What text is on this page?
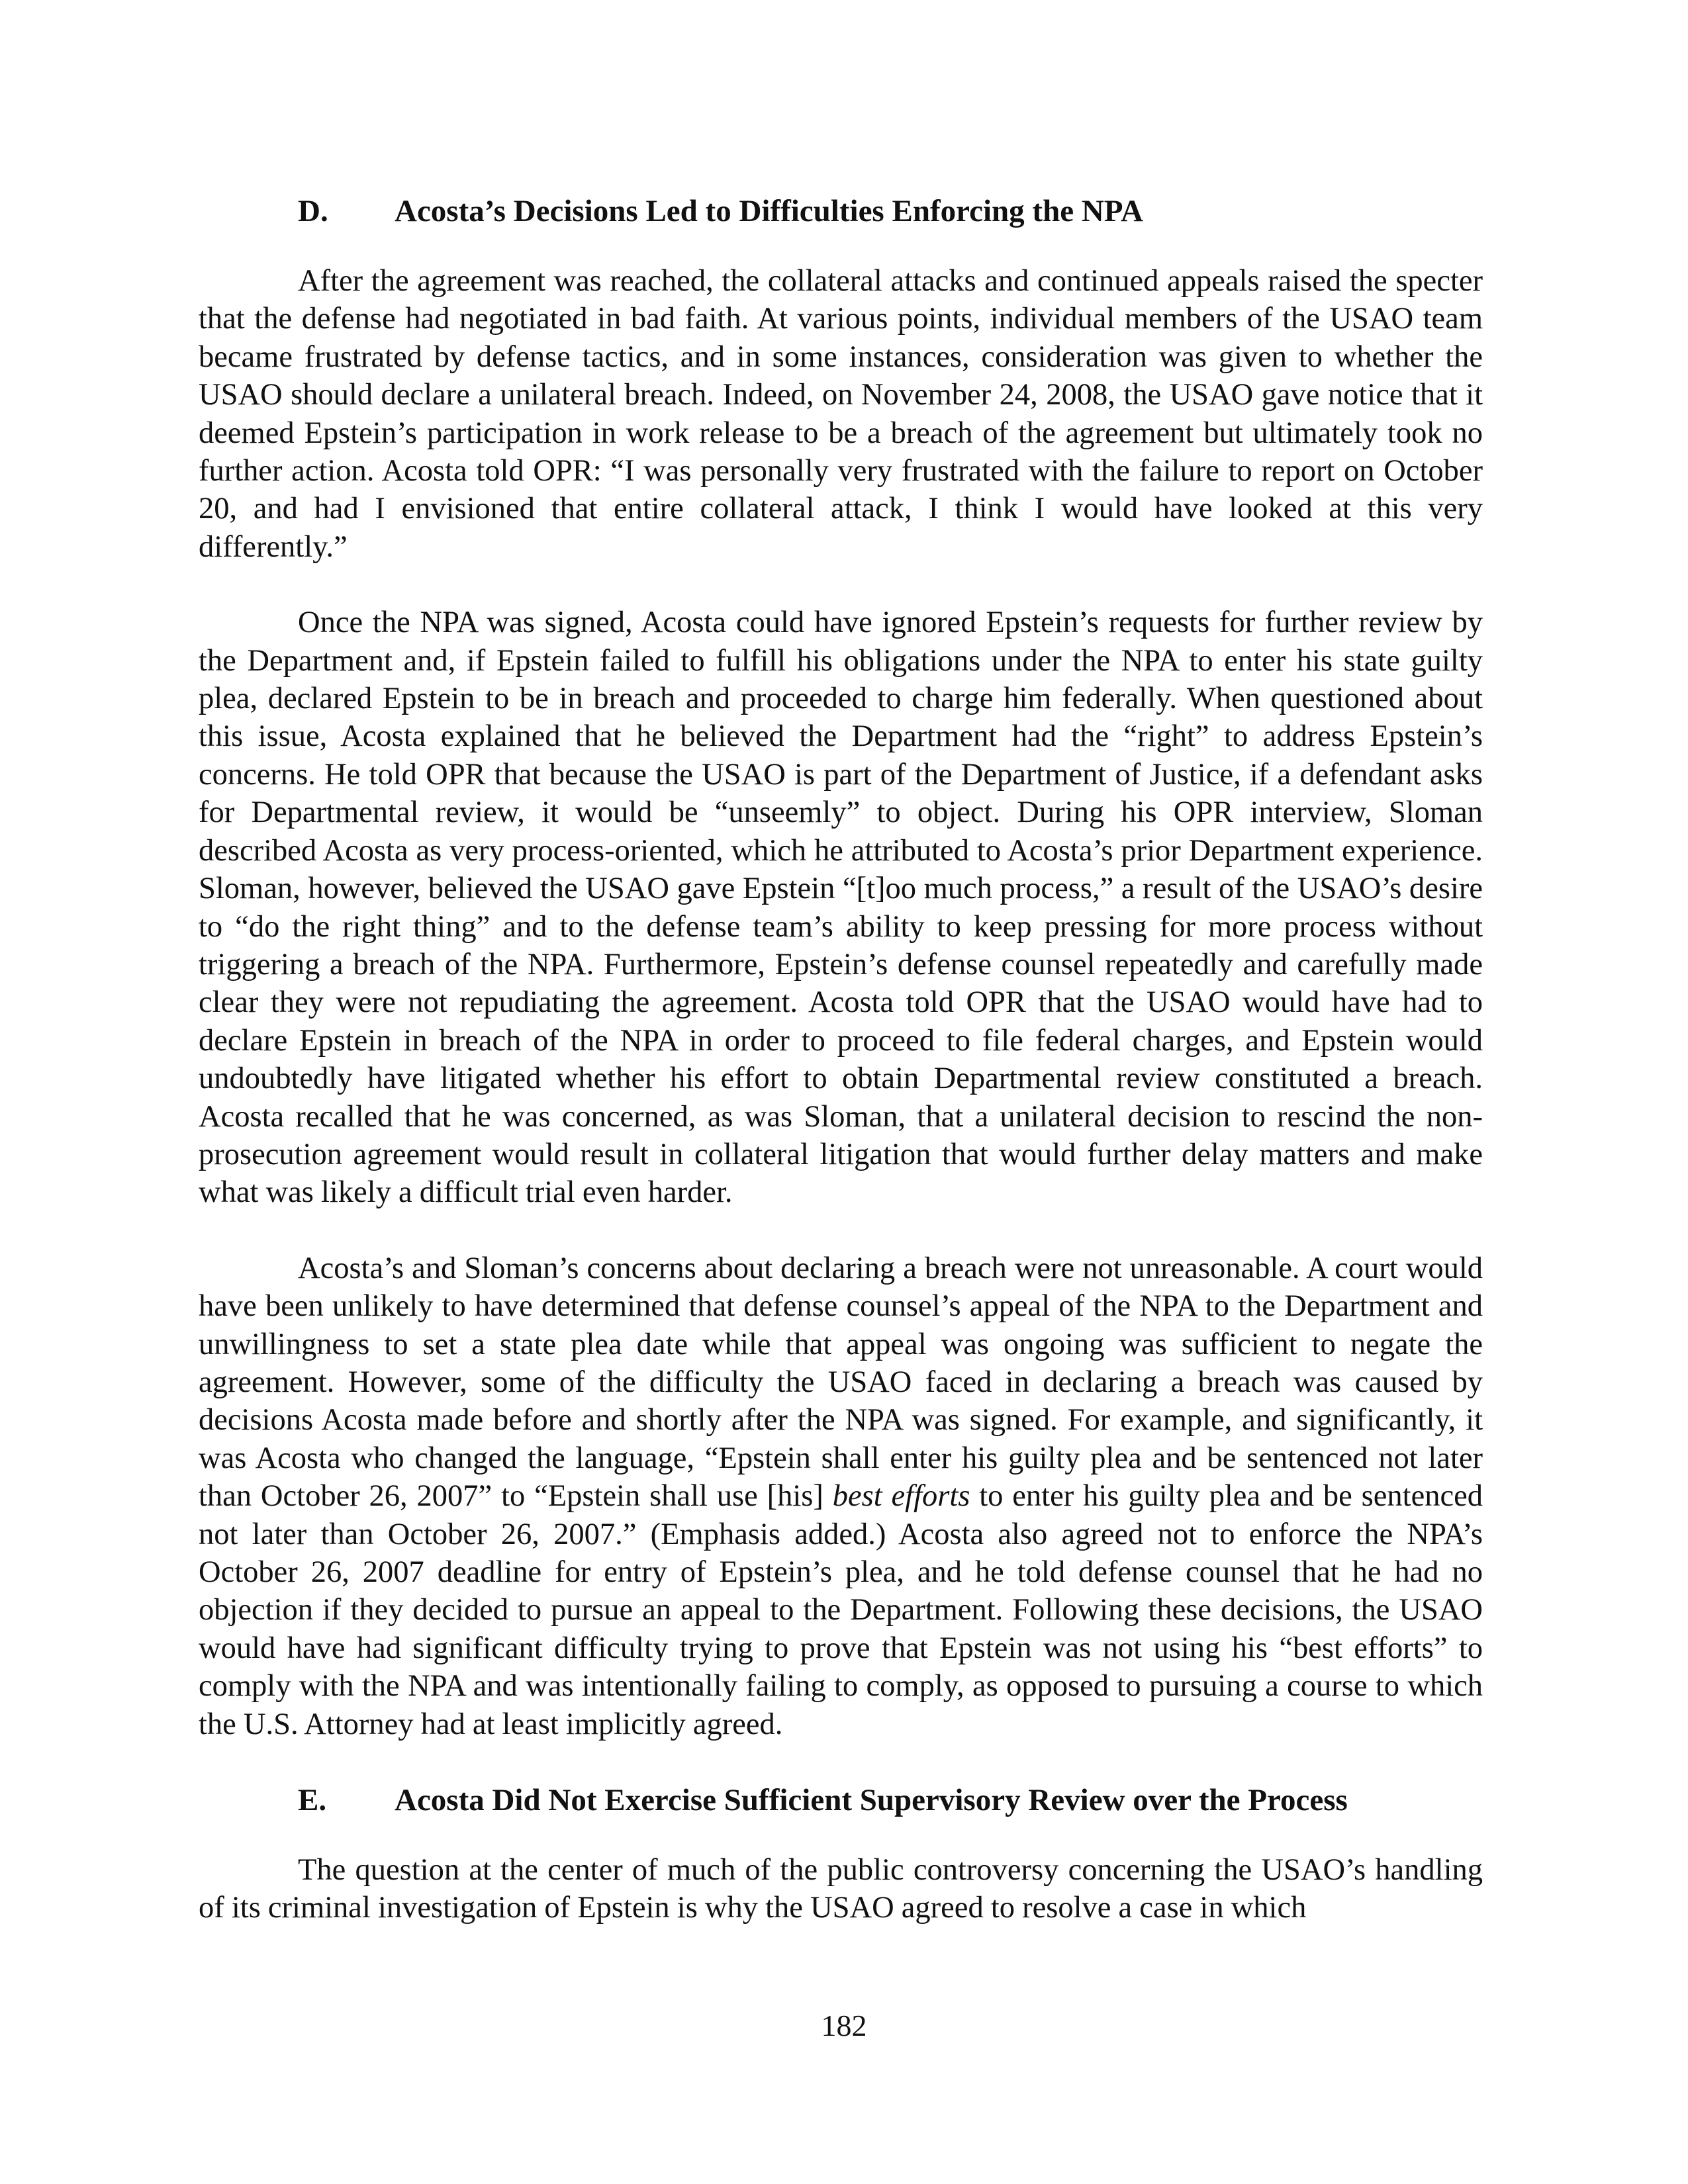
D.	Acosta’s Decisions Led to Difficulties Enforcing the NPA

After the agreement was reached, the collateral attacks and continued appeals raised the specter that the defense had negotiated in bad faith. At various points, individual members of the USAO team became frustrated by defense tactics, and in some instances, consideration was given to whether the USAO should declare a unilateral breach. Indeed, on November 24, 2008, the USAO gave notice that it deemed Epstein’s participation in work release to be a breach of the agreement but ultimately took no further action. Acosta told OPR: “I was personally very frustrated with the failure to report on October 20, and had I envisioned that entire collateral attack, I think I would have looked at this very differently.”

Once the NPA was signed, Acosta could have ignored Epstein’s requests for further review by the Department and, if Epstein failed to fulfill his obligations under the NPA to enter his state guilty plea, declared Epstein to be in breach and proceeded to charge him federally. When questioned about this issue, Acosta explained that he believed the Department had the “right” to address Epstein’s concerns. He told OPR that because the USAO is part of the Department of Justice, if a defendant asks for Departmental review, it would be “unseemly” to object. During his OPR interview, Sloman described Acosta as very process-oriented, which he attributed to Acosta’s prior Department experience. Sloman, however, believed the USAO gave Epstein “[t]oo much process,” a result of the USAO’s desire to “do the right thing” and to the defense team’s ability to keep pressing for more process without triggering a breach of the NPA. Furthermore, Epstein’s defense counsel repeatedly and carefully made clear they were not repudiating the agreement. Acosta told OPR that the USAO would have had to declare Epstein in breach of the NPA in order to proceed to file federal charges, and Epstein would undoubtedly have litigated whether his effort to obtain Departmental review constituted a breach. Acosta recalled that he was concerned, as was Sloman, that a unilateral decision to rescind the non-prosecution agreement would result in collateral litigation that would further delay matters and make what was likely a difficult trial even harder.

Acosta’s and Sloman’s concerns about declaring a breach were not unreasonable. A court would have been unlikely to have determined that defense counsel’s appeal of the NPA to the Department and unwillingness to set a state plea date while that appeal was ongoing was sufficient to negate the agreement. However, some of the difficulty the USAO faced in declaring a breach was caused by decisions Acosta made before and shortly after the NPA was signed. For example, and significantly, it was Acosta who changed the language, “Epstein shall enter his guilty plea and be sentenced not later than October 26, 2007” to “Epstein shall use [his] best efforts to enter his guilty plea and be sentenced not later than October 26, 2007.” (Emphasis added.) Acosta also agreed not to enforce the NPA’s October 26, 2007 deadline for entry of Epstein’s plea, and he told defense counsel that he had no objection if they decided to pursue an appeal to the Department. Following these decisions, the USAO would have had significant difficulty trying to prove that Epstein was not using his “best efforts” to comply with the NPA and was intentionally failing to comply, as opposed to pursuing a course to which the U.S. Attorney had at least implicitly agreed.

E.	Acosta Did Not Exercise Sufficient Supervisory Review over the Process

The question at the center of much of the public controversy concerning the USAO’s handling of its criminal investigation of Epstein is why the USAO agreed to resolve a case in which

182
